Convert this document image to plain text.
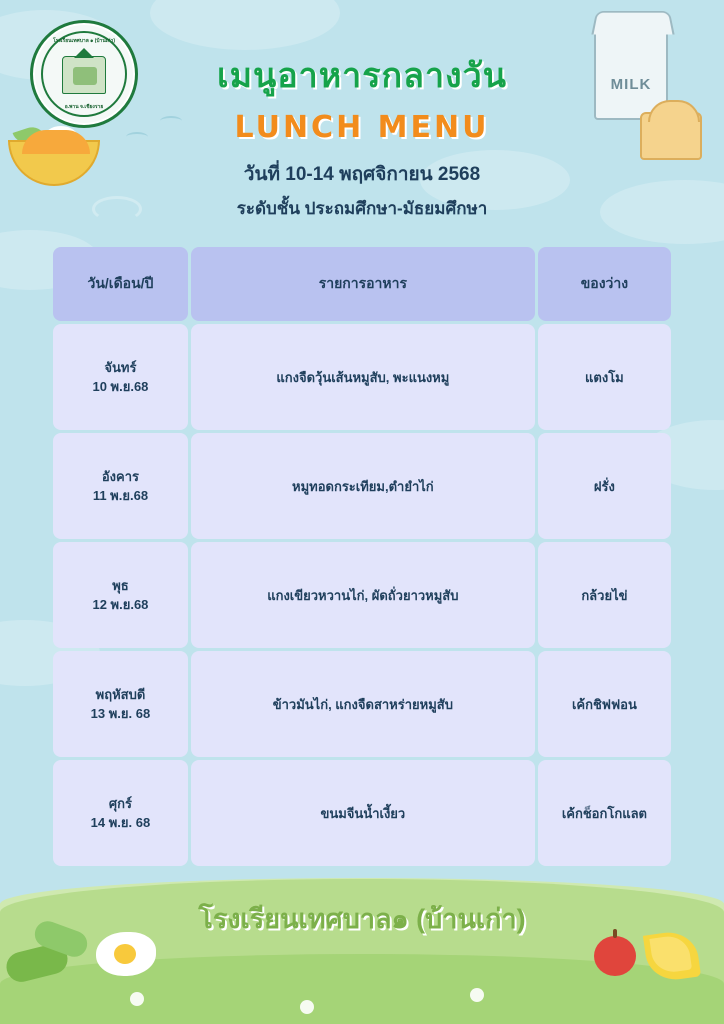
โรงเรียนเทศบาล ๑ (บ้านเก่า)
อ.พาน จ.เชียงราย
MILK
เมนูอาหารกลางวัน
LUNCH MENU

วันที่ 10-14 พฤศจิกายน 2568

ระดับชั้น ประถมศึกษา-มัธยมศึกษา

วัน/เดือน/ปี	รายการอาหาร	ของว่าง

จันทร์
10 พ.ย.68	แกงจืดวุ้นเส้นหมูสับ, พะแนงหมู	แตงโม

อังคาร
11 พ.ย.68	หมูทอดกระเทียม,ตำยำไก่	ฝรั่ง

พุธ
12 พ.ย.68	แกงเขียวหวานไก่, ผัดถั่วยาวหมูสับ	กล้วยไข่

พฤหัสบดี
13 พ.ย. 68	ข้าวมันไก่, แกงจืดสาหร่ายหมูสับ	เค้กชิฟฟอน

ศุกร์
14 พ.ย. 68	ขนมจีนน้ำเงี้ยว	เค้กช็อกโกแลต
โรงเรียนเทศบาล๑ (บ้านเก่า)
